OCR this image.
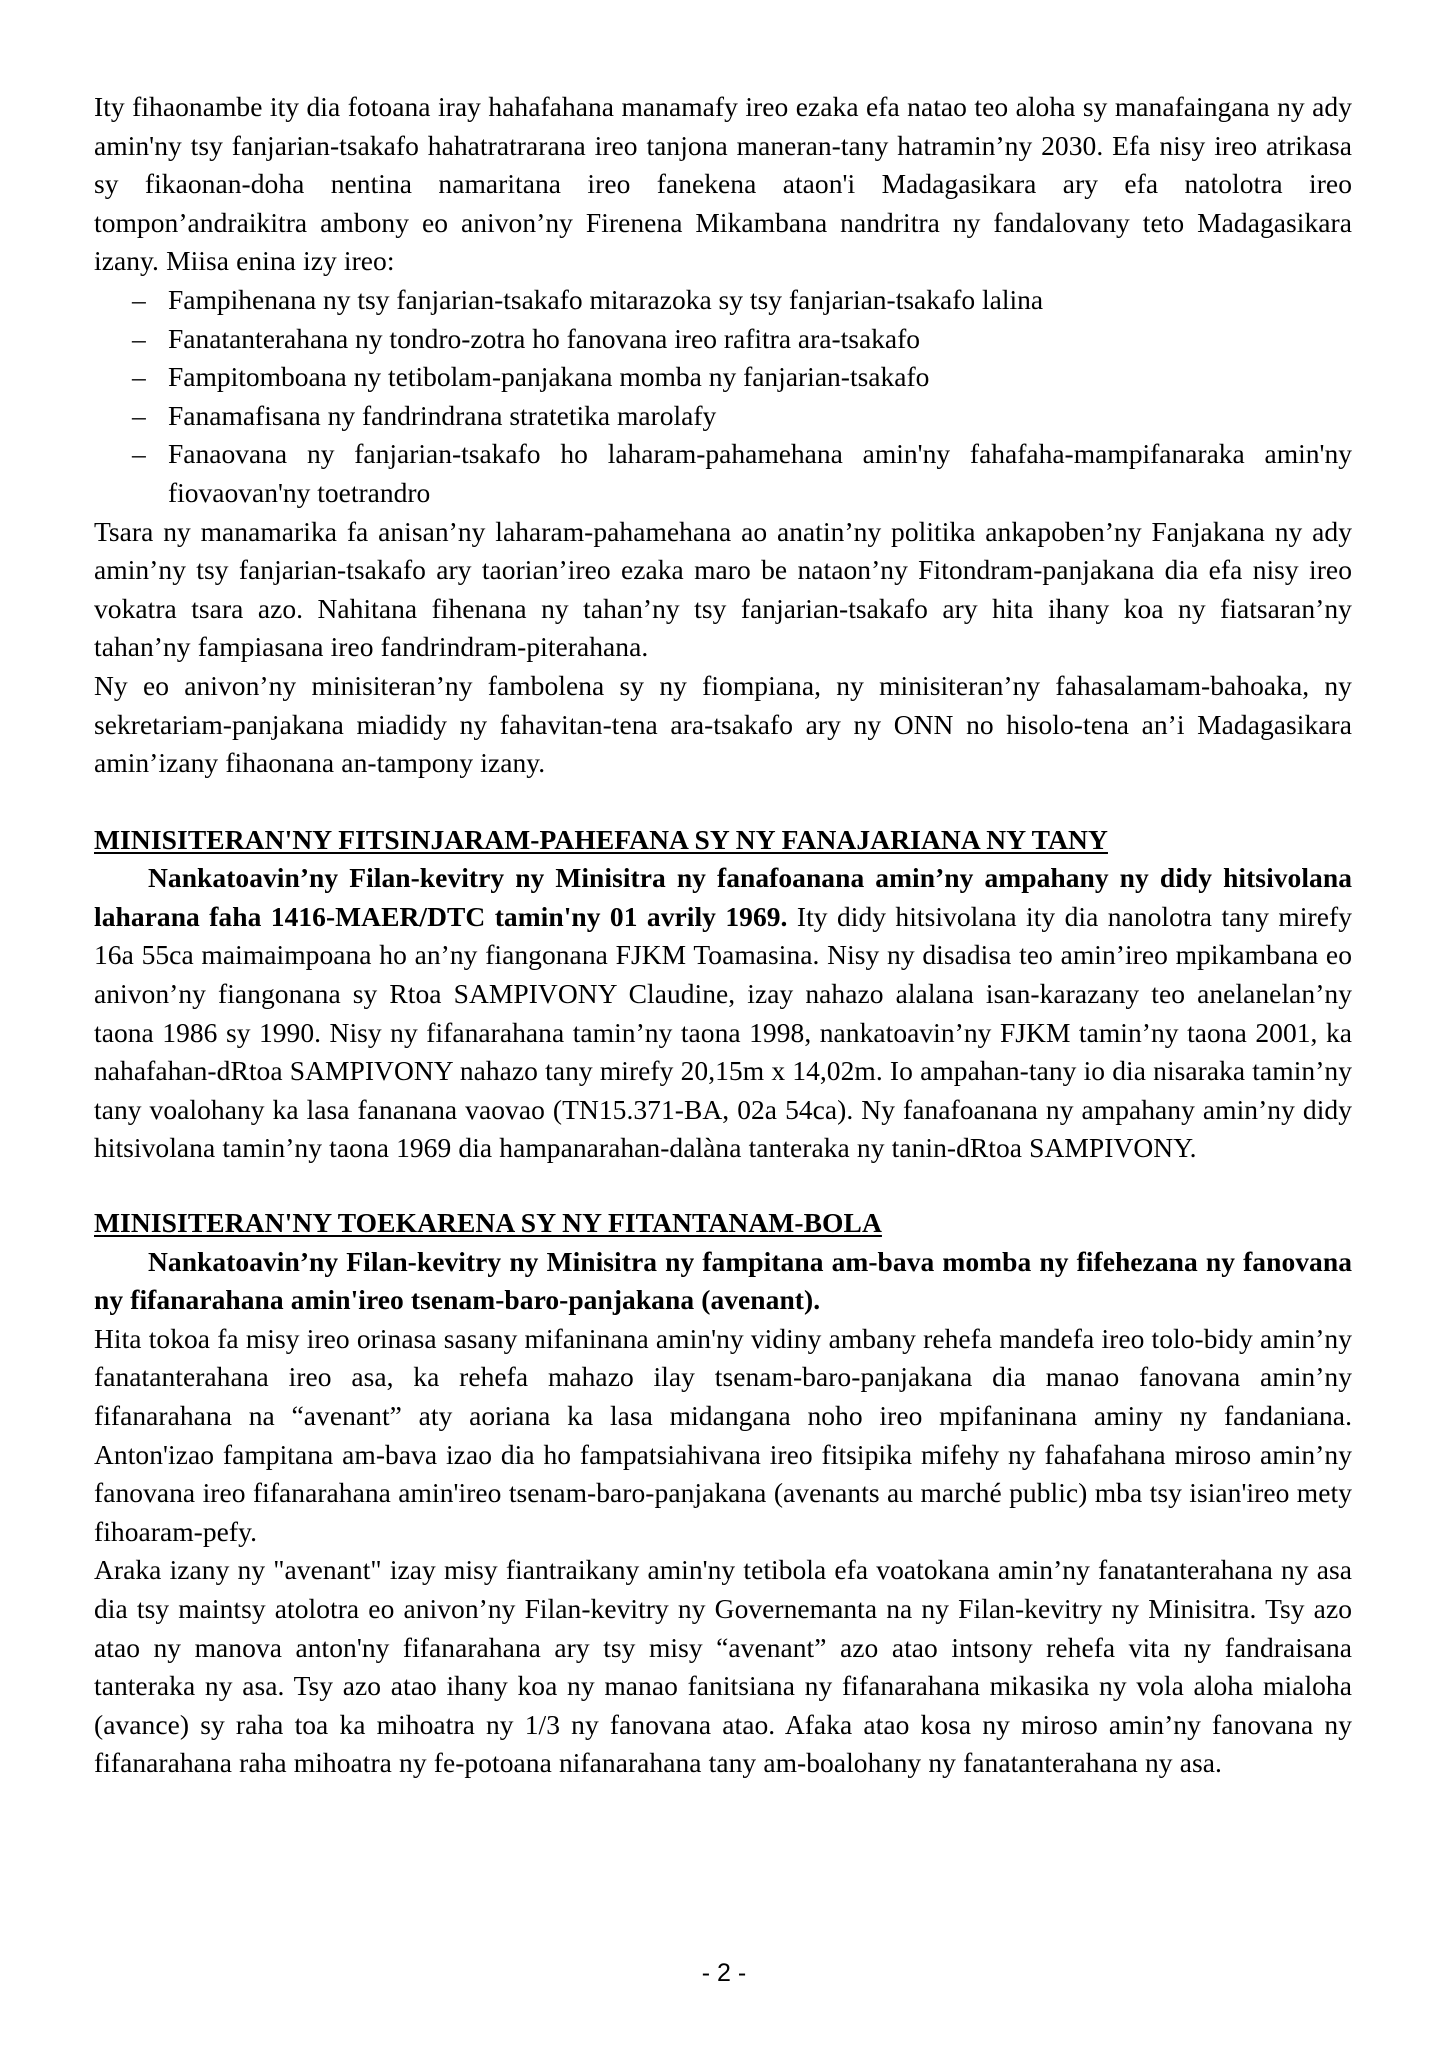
Ity fihaonambe ity dia fotoana iray hahafahana manamafy ireo ezaka efa natao teo aloha sy manafaingana ny ady amin'ny tsy fanjarian-tsakafo hahatratrarana ireo tanjona maneran-tany hatramin’ny 2030. Efa nisy ireo atrikasa sy fikaonan-doha nentina namaritana ireo fanekena ataon'i Madagasikara ary efa natolotra ireo tompon’andraikitra ambony eo anivon’ny Firenena Mikambana nandritra ny fandalovany teto Madagasikara izany. Miisa enina izy ireo:

– Fampihenana ny tsy fanjarian-tsakafo mitarazoka sy tsy fanjarian-tsakafo lalina
– Fanatanterahana ny tondro-zotra ho fanovana ireo rafitra ara-tsakafo
– Fampitomboana ny tetibolam-panjakana momba ny fanjarian-tsakafo
– Fanamafisana ny fandrindrana stratetika marolafy
– Fanaovana ny fanjarian-tsakafo ho laharam-pahamehana amin'ny fahafaha-mampifanaraka amin'ny fiovaovan'ny toetrandro

Tsara ny manamarika fa anisan’ny laharam-pahamehana ao anatin’ny politika ankapoben’ny Fanjakana ny ady amin’ny tsy fanjarian-tsakafo ary taorian’ireo ezaka maro be nataon’ny Fitondram-panjakana dia efa nisy ireo vokatra tsara azo. Nahitana fihenana ny tahan’ny tsy fanjarian-tsakafo ary hita ihany koa ny fiatsaran’ny tahan’ny fampiasana ireo fandrindram-piterahana.

Ny eo anivon’ny minisiteran’ny fambolena sy ny fiompiana, ny minisiteran’ny fahasalamam-bahoaka, ny sekretariam-panjakana miadidy ny fahavitan-tena ara-tsakafo ary ny ONN no hisolo-tena an’i Madagasikara amin’izany fihaonana an-tampony izany.

MINISITERAN'NY FITSINJARAM-PAHEFANA SY NY FANAJARIANA NY TANY

Nankatoavin’ny Filan-kevitry ny Minisitra ny fanafoanana amin’ny ampahany ny didy hitsivolana laharana faha 1416-MAER/DTC tamin'ny 01 avrily 1969. Ity didy hitsivolana ity dia nanolotra tany mirefy 16a 55ca maimaimpoana ho an’ny fiangonana FJKM Toamasina. Nisy ny disadisa teo amin’ireo mpikambana eo anivon’ny fiangonana sy Rtoa SAMPIVONY Claudine, izay nahazo alalana isan-karazany teo anelanelan’ny taona 1986 sy 1990. Nisy ny fifanarahana tamin’ny taona 1998, nankatoavin’ny FJKM tamin’ny taona 2001, ka nahafahan-dRtoa SAMPIVONY nahazo tany mirefy 20,15m x 14,02m. Io ampahan-tany io dia nisaraka tamin’ny tany voalohany ka lasa fananana vaovao (TN15.371-BA, 02a 54ca). Ny fanafoanana ny ampahany amin’ny didy hitsivolana tamin’ny taona 1969 dia hampanarahan-dalàna tanteraka ny tanin-dRtoa SAMPIVONY.

MINISITERAN'NY TOEKARENA SY NY FITANTANAM-BOLA

Nankatoavin’ny Filan-kevitry ny Minisitra ny fampitana am-bava momba ny fifehezana ny fanovana ny fifanarahana amin'ireo tsenam-baro-panjakana (avenant).

Hita tokoa fa misy ireo orinasa sasany mifaninana amin'ny vidiny ambany rehefa mandefa ireo tolo-bidy amin’ny fanatanterahana ireo asa, ka rehefa mahazo ilay tsenam-baro-panjakana dia manao fanovana amin’ny fifanarahana na “avenant” aty aoriana ka lasa midangana noho ireo mpifaninana aminy ny fandaniana. Anton'izao fampitana am-bava izao dia ho fampatsiahivana ireo fitsipika mifehy ny fahafahana miroso amin’ny fanovana ireo fifanarahana amin'ireo tsenam-baro-panjakana (avenants au marché public) mba tsy isian'ireo mety fihoaram-pefy.

Araka izany ny "avenant" izay misy fiantraikany amin'ny tetibola efa voatokana amin’ny fanatanterahana ny asa dia tsy maintsy atolotra eo anivon’ny Filan-kevitry ny Governemanta na ny Filan-kevitry ny Minisitra. Tsy azo atao ny manova anton'ny fifanarahana ary tsy misy “avenant” azo atao intsony rehefa vita ny fandraisana tanteraka ny asa. Tsy azo atao ihany koa ny manao fanitsiana ny fifanarahana mikasika ny vola aloha mialoha (avance) sy raha toa ka mihoatra ny 1/3 ny fanovana atao. Afaka atao kosa ny miroso amin’ny fanovana ny fifanarahana raha mihoatra ny fe-potoana nifanarahana tany am-boalohany ny fanatanterahana ny asa.

- 2 -
